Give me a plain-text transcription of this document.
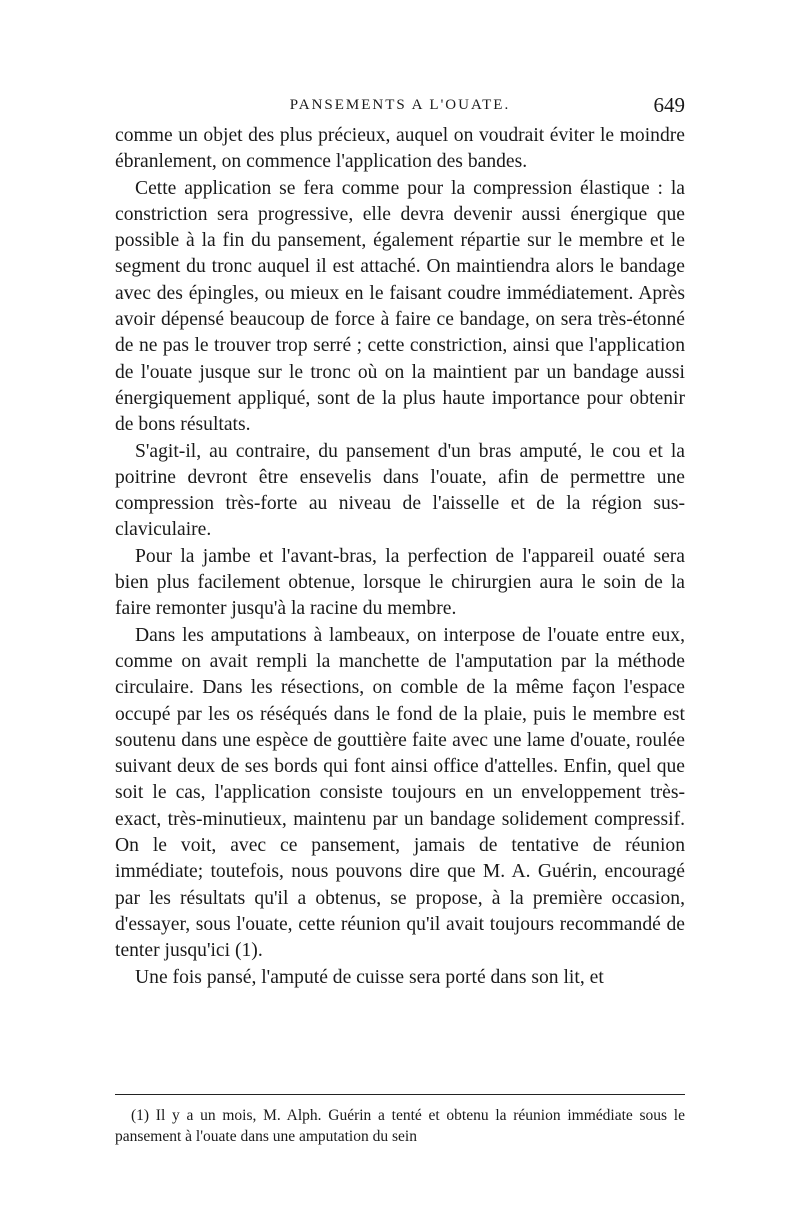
PANSEMENTS A L'OUATE.	649

comme un objet des plus précieux, auquel on voudrait éviter le moindre ébranlement, on commence l'application des bandes.

Cette application se fera comme pour la compression élastique : la constriction sera progressive, elle devra devenir aussi énergique que possible à la fin du pansement, également répartie sur le membre et le segment du tronc auquel il est attaché. On maintiendra alors le bandage avec des épingles, ou mieux en le faisant coudre immédiatement. Après avoir dépensé beaucoup de force à faire ce bandage, on sera très-étonné de ne pas le trouver trop serré ; cette constriction, ainsi que l'application de l'ouate jusque sur le tronc où on la maintient par un bandage aussi énergiquement appliqué, sont de la plus haute importance pour obtenir de bons résultats.

S'agit-il, au contraire, du pansement d'un bras amputé, le cou et la poitrine devront être ensevelis dans l'ouate, afin de permettre une compression très-forte au niveau de l'aisselle et de la région sus-claviculaire.

Pour la jambe et l'avant-bras, la perfection de l'appareil ouaté sera bien plus facilement obtenue, lorsque le chirurgien aura le soin de la faire remonter jusqu'à la racine du membre.

Dans les amputations à lambeaux, on interpose de l'ouate entre eux, comme on avait rempli la manchette de l'amputation par la méthode circulaire. Dans les résections, on comble de la même façon l'espace occupé par les os réséqués dans le fond de la plaie, puis le membre est soutenu dans une espèce de gouttière faite avec une lame d'ouate, roulée suivant deux de ses bords qui font ainsi office d'attelles. Enfin, quel que soit le cas, l'application consiste toujours en un enveloppement très-exact, très-minutieux, maintenu par un bandage solidement compressif. On le voit, avec ce pansement, jamais de tentative de réunion immédiate; toutefois, nous pouvons dire que M. A. Guérin, encouragé par les résultats qu'il a obtenus, se propose, à la première occasion, d'essayer, sous l'ouate, cette réunion qu'il avait toujours recommandé de tenter jusqu'ici (1).

Une fois pansé, l'amputé de cuisse sera porté dans son lit, et

(1) Il y a un mois, M. Alph. Guérin a tenté et obtenu la réunion immédiate sous le pansement à l'ouate dans une amputation du sein
